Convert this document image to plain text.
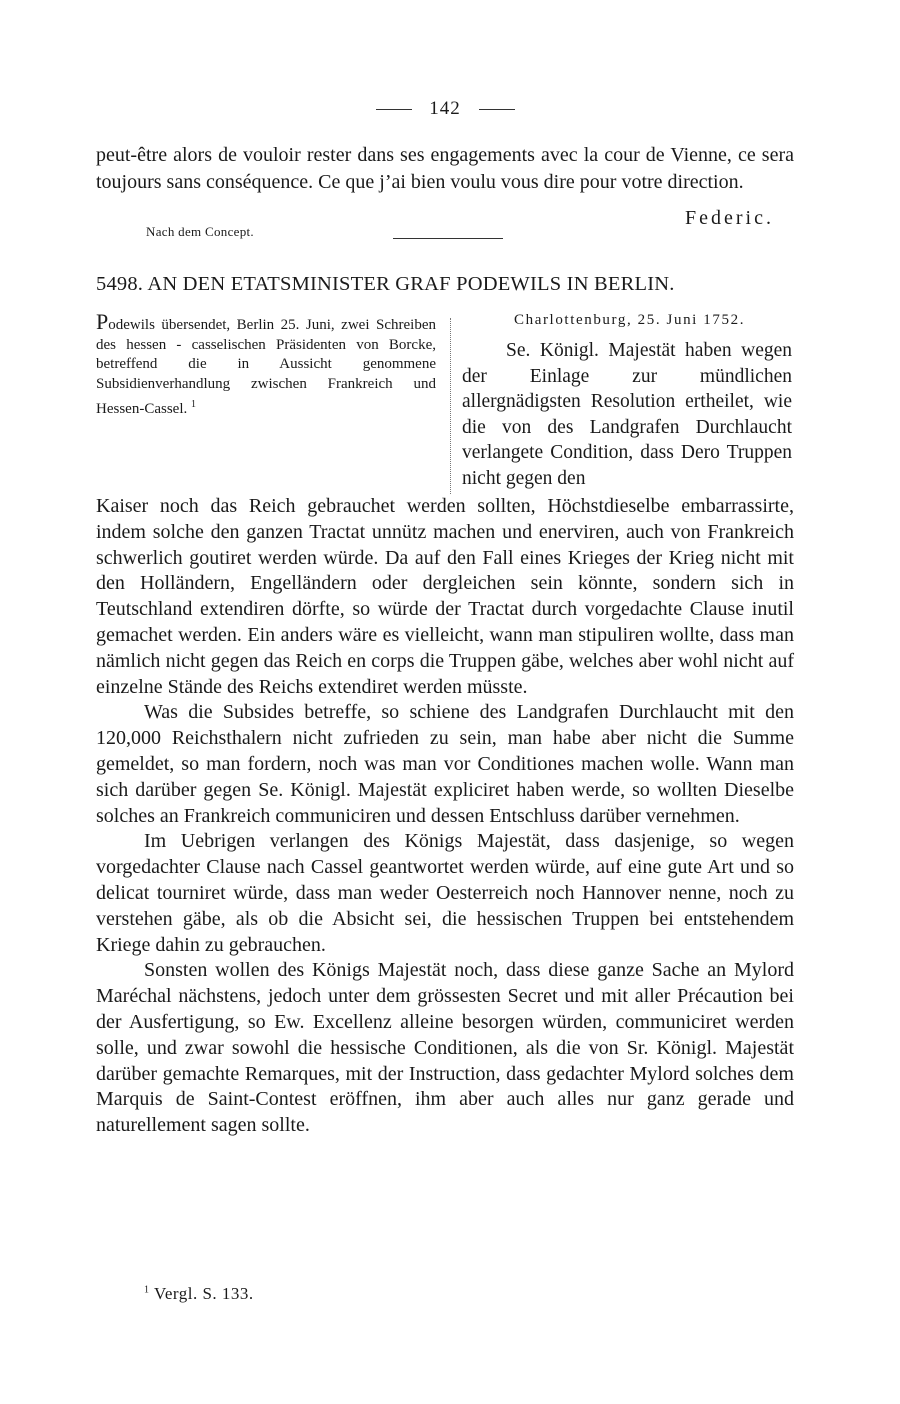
142

peut-être alors de vouloir rester dans ses engagements avec la cour de Vienne, ce sera toujours sans conséquence. Ce que j’ai bien voulu vous dire pour votre direction.

Federic.
Nach dem Concept.
5498. AN DEN ETATSMINISTER GRAF PODEWILS IN BERLIN.
Podewils übersendet, Berlin 25. Juni, zwei Schreiben des hessen - casselischen Präsidenten von Borcke, betreffend die in Aussicht genommene Subsidienverhandlung zwischen Frankreich und Hessen-Cassel. $^1$
Charlottenburg, 25. Juni 1752.

Se. Königl. Majestät haben wegen der Einlage zur mündlichen allergnädigsten Resolution ertheilet, wie die von des Landgrafen Durchlaucht verlangete Condition, dass Dero Truppen nicht gegen den

Kaiser noch das Reich gebrauchet werden sollten, Höchstdieselbe embarrassirte, indem solche den ganzen Tractat unnütz machen und enerviren, auch von Frankreich schwerlich goutiret werden würde. Da auf den Fall eines Krieges der Krieg nicht mit den Holländern, Engelländern oder dergleichen sein könnte, sondern sich in Teutschland extendiren dörfte, so würde der Tractat durch vorgedachte Clause inutil gemachet werden. Ein anders wäre es vielleicht, wann man stipuliren wollte, dass man nämlich nicht gegen das Reich en corps die Truppen gäbe, welches aber wohl nicht auf einzelne Stände des Reichs extendiret werden müsste.

Was die Subsides betreffe, so schiene des Landgrafen Durchlaucht mit den 120,000 Reichsthalern nicht zufrieden zu sein, man habe aber nicht die Summe gemeldet, so man fordern, noch was man vor Conditiones machen wolle. Wann man sich darüber gegen Se. Königl. Majestät expliciret haben werde, so wollten Dieselbe solches an Frankreich communiciren und dessen Entschluss darüber vernehmen.

Im Uebrigen verlangen des Königs Majestät, dass dasjenige, so wegen vorgedachter Clause nach Cassel geantwortet werden würde, auf eine gute Art und so delicat tourniret würde, dass man weder Oesterreich noch Hannover nenne, noch zu verstehen gäbe, als ob die Absicht sei, die hessischen Truppen bei entstehendem Kriege dahin zu gebrauchen.

Sonsten wollen des Königs Majestät noch, dass diese ganze Sache an Mylord Maréchal nächstens, jedoch unter dem grössesten Secret und mit aller Précaution bei der Ausfertigung, so Ew. Excellenz alleine besorgen würden, communiciret werden solle, und zwar sowohl die hessische Conditionen, als die von Sr. Königl. Majestät darüber gemachte Remarques, mit der Instruction, dass gedachter Mylord solches dem Marquis de Saint-Contest eröffnen, ihm aber auch alles nur ganz gerade und naturellement sagen sollte.

$^1$ Vergl. S. 133.
